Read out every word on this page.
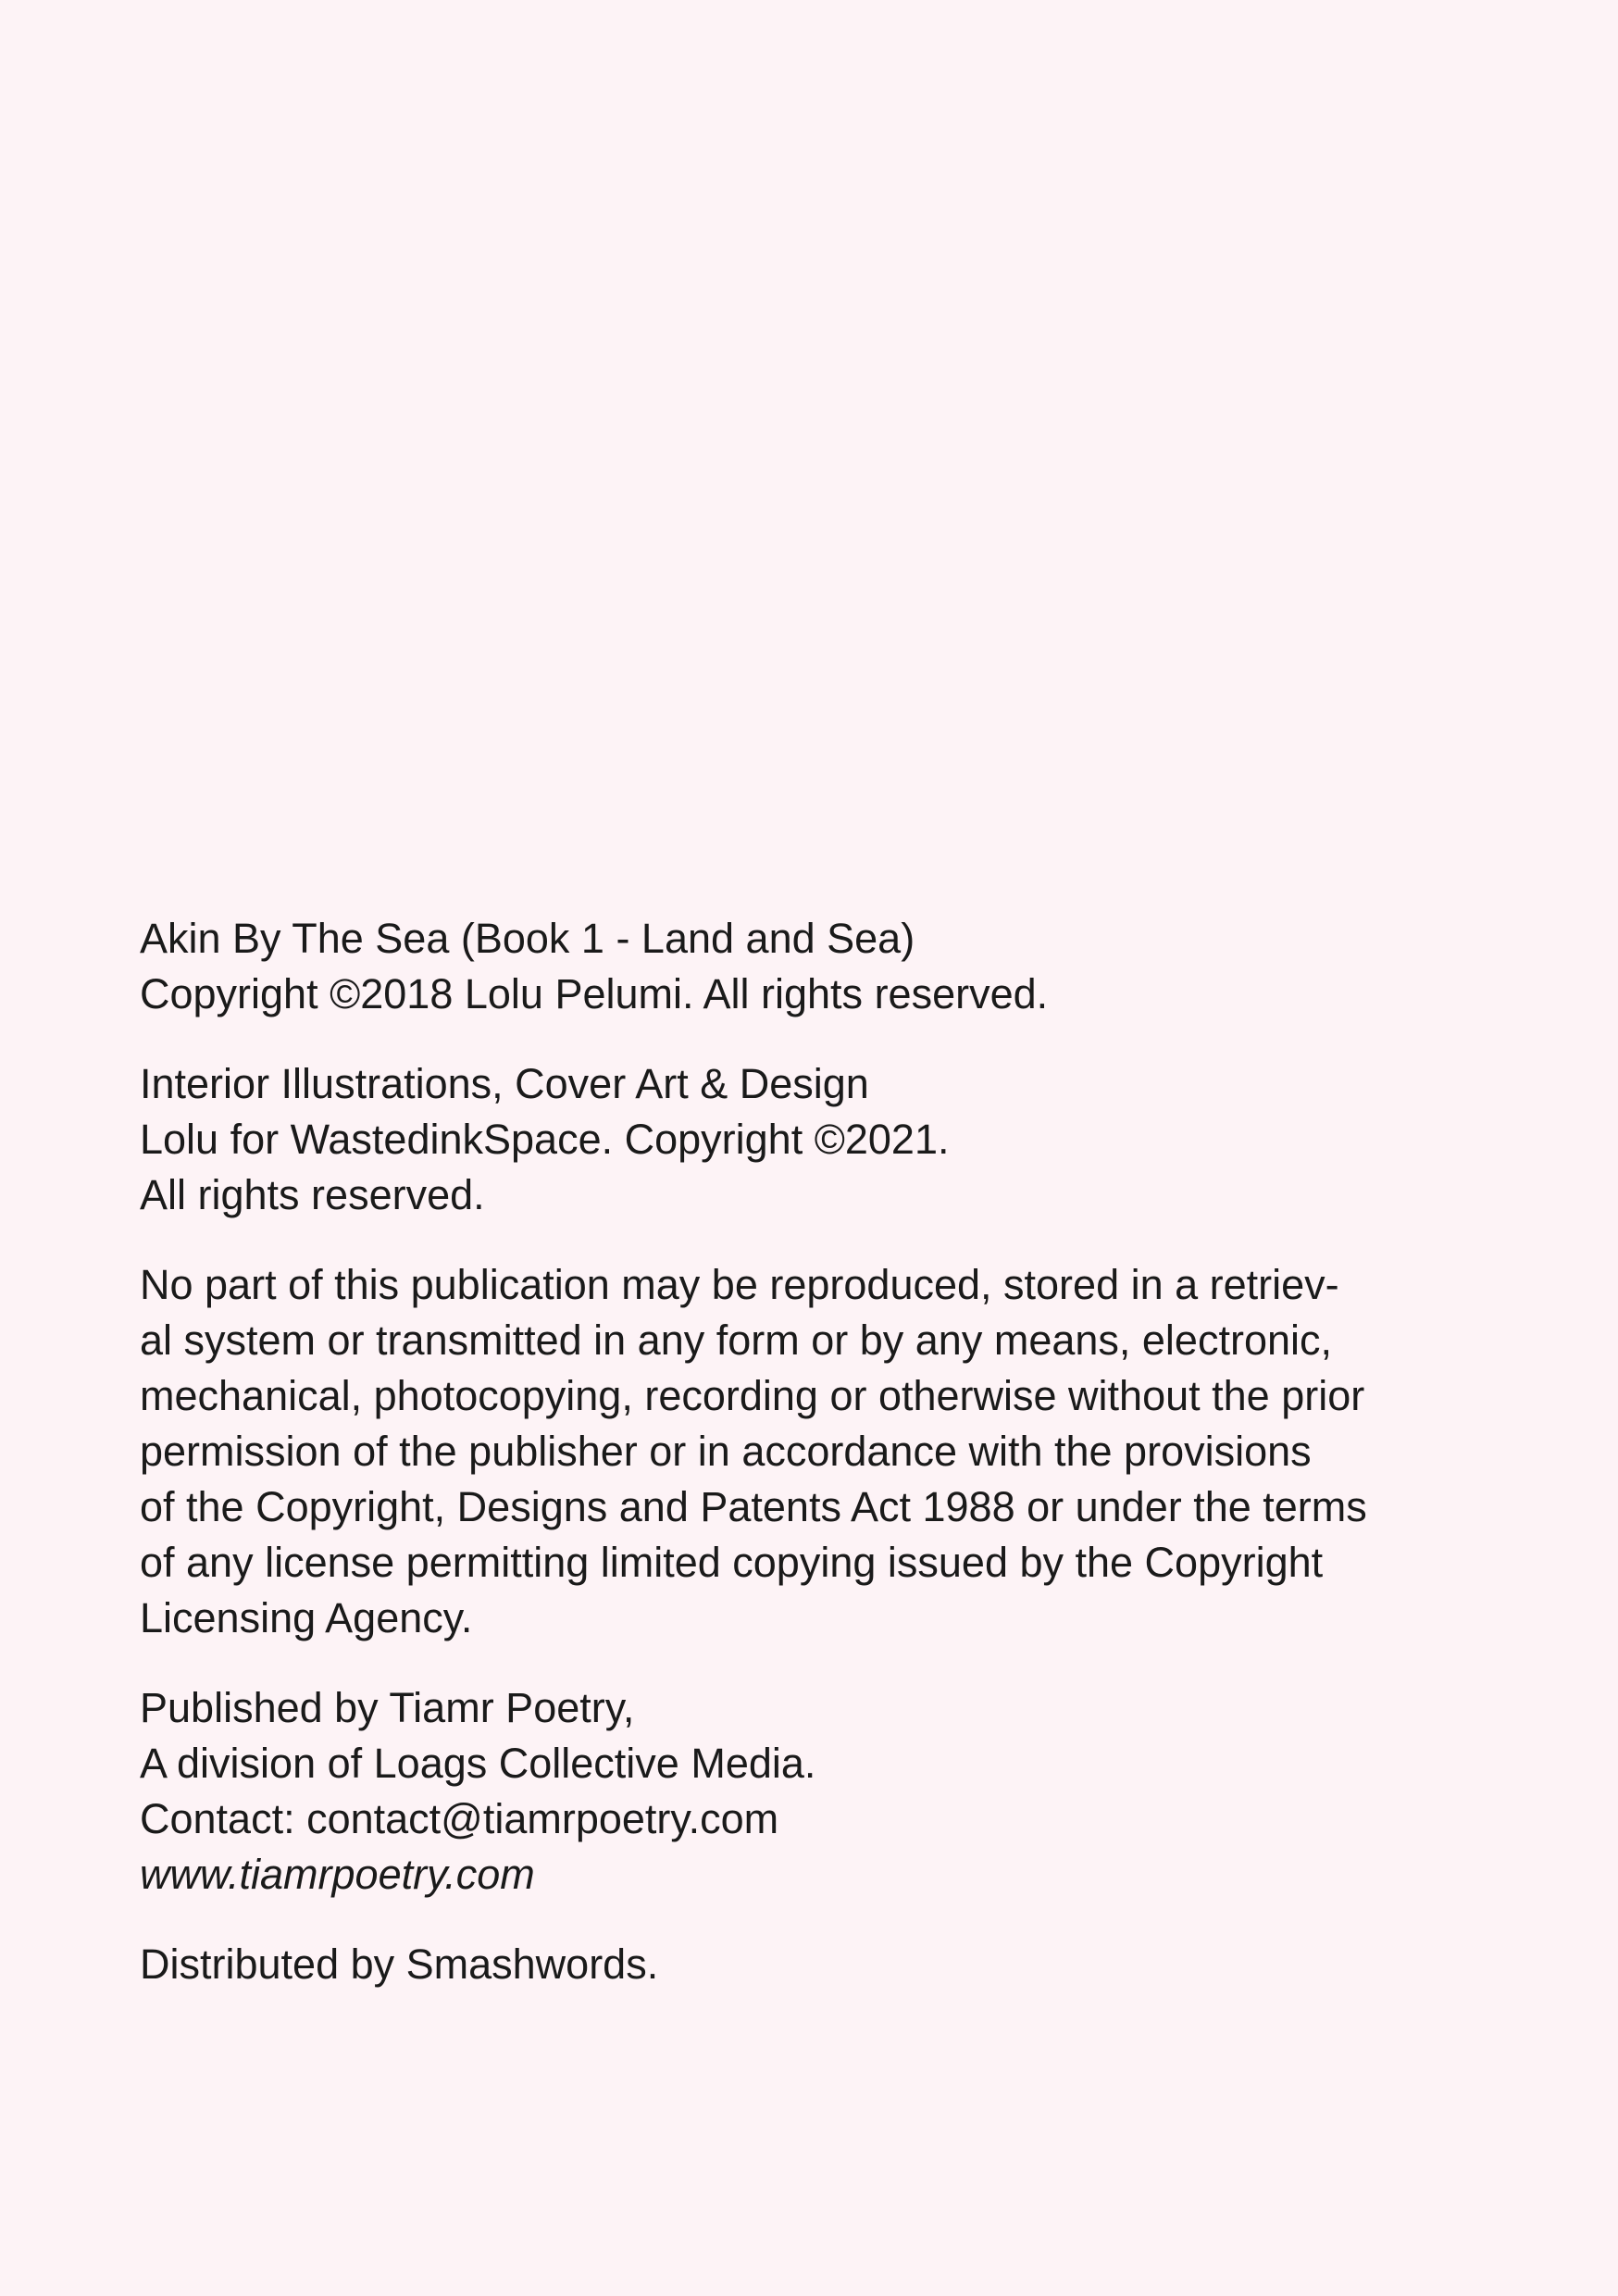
Akin By The Sea (Book 1 - Land and Sea)
Copyright ©2018 Lolu Pelumi. All rights reserved.

Interior Illustrations, Cover Art & Design
Lolu for WastedinkSpace. Copyright ©2021.
All rights reserved.

No part of this publication may be reproduced, stored in a retriev-
al system or transmitted in any form or by any means, electronic,
mechanical, photocopying, recording or otherwise without the prior
permission of the publisher or in accordance with the provisions
of the Copyright, Designs and Patents Act 1988 or under the terms
of any license permitting limited copying issued by the Copyright
Licensing Agency.

Published by Tiamr Poetry,
A division of Loags Collective Media.
Contact: contact@tiamrpoetry.com
www.tiamrpoetry.com

Distributed by Smashwords.
